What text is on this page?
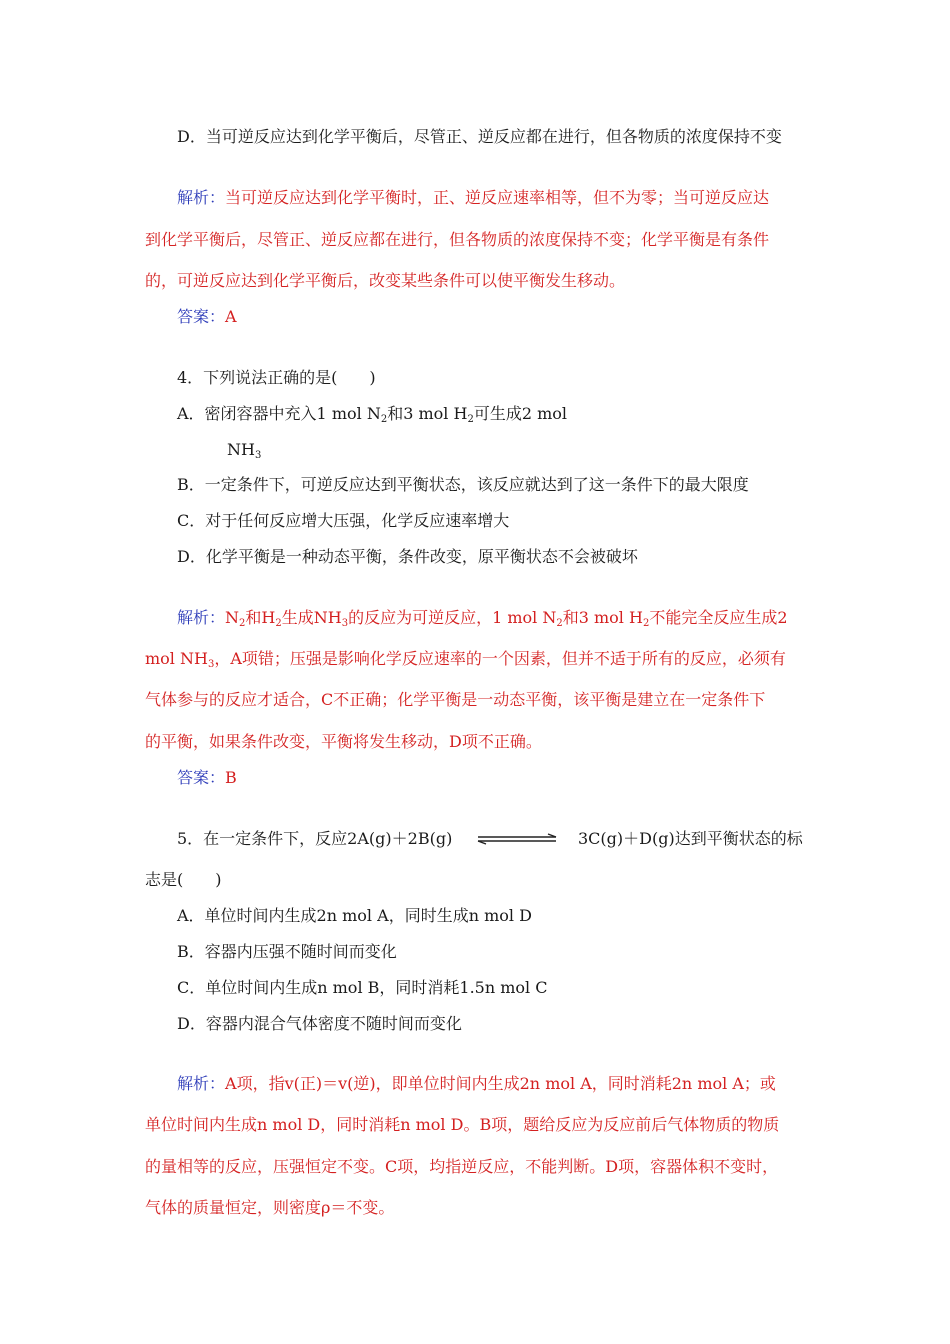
D．当可逆反应达到化学平衡后，尽管正、逆反应都在进行，但各物质的浓度保持不变
解析：当可逆反应达到化学平衡时，正、逆反应速率相等，但不为零；当可逆反应达
到化学平衡后，尽管正、逆反应都在进行，但各物质的浓度保持不变；化学平衡是有条件
的，可逆反应达到化学平衡后，改变某些条件可以使平衡发生移动。
答案：A
4．下列说法正确的是(　　)
A．密闭容器中充入1 mol $N_2$和3 mol $H_2$可生成2 mol
$NH_3$
B．一定条件下，可逆反应达到平衡状态，该反应就达到了这一条件下的最大限度
C．对于任何反应增大压强，化学反应速率增大
D．化学平衡是一种动态平衡，条件改变，原平衡状态不会被破坏
解析：$N_2$和$H_2$生成$NH_3$的反应为可逆反应，1 mol $N_2$和3 mol $H_2$不能完全反应生成2
mol $NH_3$，A项错；压强是影响化学反应速率的一个因素，但并不适于所有的反应，必须有
气体参与的反应才适合，C不正确；化学平衡是一动态平衡，该平衡是建立在一定条件下
的平衡，如果条件改变，平衡将发生移动，D项不正确。
答案：B
5．在一定条件下，反应2A(g)＋2B(g)	3C(g)＋D(g)达到平衡状态的标
志是(　　)
A．单位时间内生成2n mol A，同时生成n mol D
B．容器内压强不随时间而变化
C．单位时间内生成n mol B，同时消耗1.5n mol C
D．容器内混合气体密度不随时间而变化
解析：A项，指v(正)＝v(逆)，即单位时间内生成2n mol A，同时消耗2n mol A；或
单位时间内生成n mol D，同时消耗n mol D。B项，题给反应为反应前后气体物质的物质
的量相等的反应，压强恒定不变。C项，均指逆反应，不能判断。D项，容器体积不变时，
气体的质量恒定，则密度ρ＝不变。
